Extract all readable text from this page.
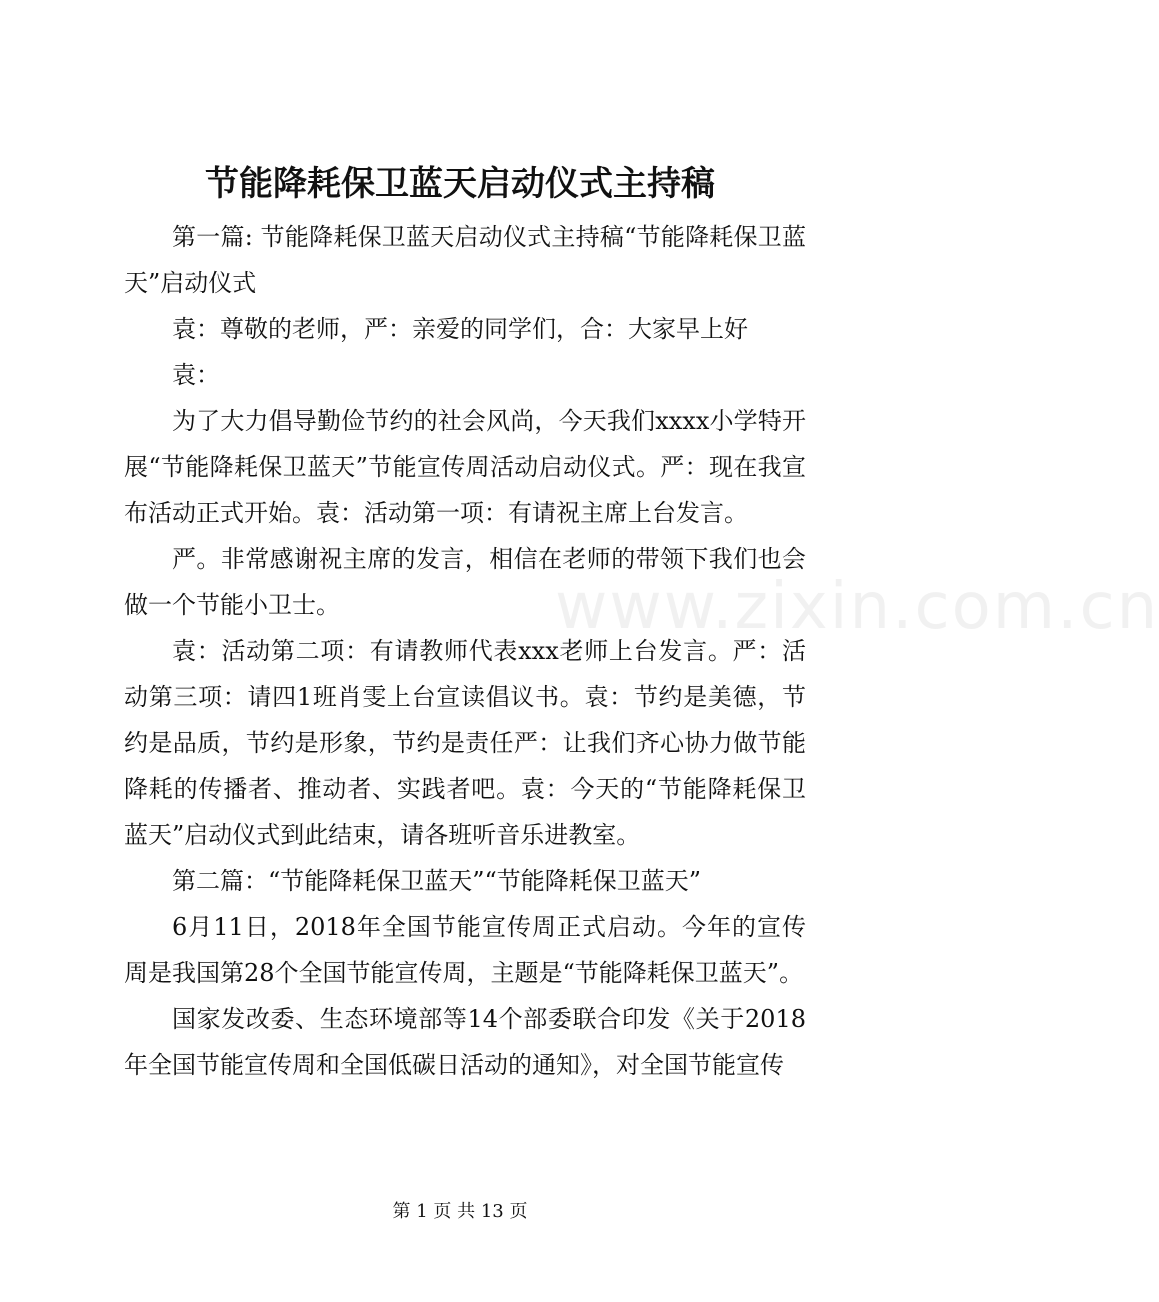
节能降耗保卫蓝天启动仪式主持稿

第一篇: 节能降耗保卫蓝天启动仪式主持稿“节能降耗保卫蓝天”启动仪式

袁：尊敬的老师，严：亲爱的同学们，合：大家早上好

袁：

为了大力倡导勤俭节约的社会风尚，今天我们xxxx小学特开展“节能降耗保卫蓝天”节能宣传周活动启动仪式。严：现在我宣布活动正式开始。袁：活动第一项：有请祝主席上台发言。

严。非常感谢祝主席的发言，相信在老师的带领下我们也会做一个节能小卫士。

袁：活动第二项：有请教师代表xxx老师上台发言。严：活动第三项：请四1班肖雯上台宣读倡议书。袁：节约是美德，节约是品质，节约是形象，节约是责任严：让我们齐心协力做节能降耗的传播者、推动者、实践者吧。袁：今天的“节能降耗保卫蓝天”启动仪式到此结束，请各班听音乐进教室。

第二篇：“节能降耗保卫蓝天”“节能降耗保卫蓝天”

6月11日，2018年全国节能宣传周正式启动。今年的宣传周是我国第28个全国节能宣传周，主题是“节能降耗保卫蓝天”。

国家发改委、生态环境部等14个部委联合印发《关于2018年全国节能宣传周和全国低碳日活动的通知》，对全国节能宣传

www.zixin.com.cn
第 1 页 共 13 页
